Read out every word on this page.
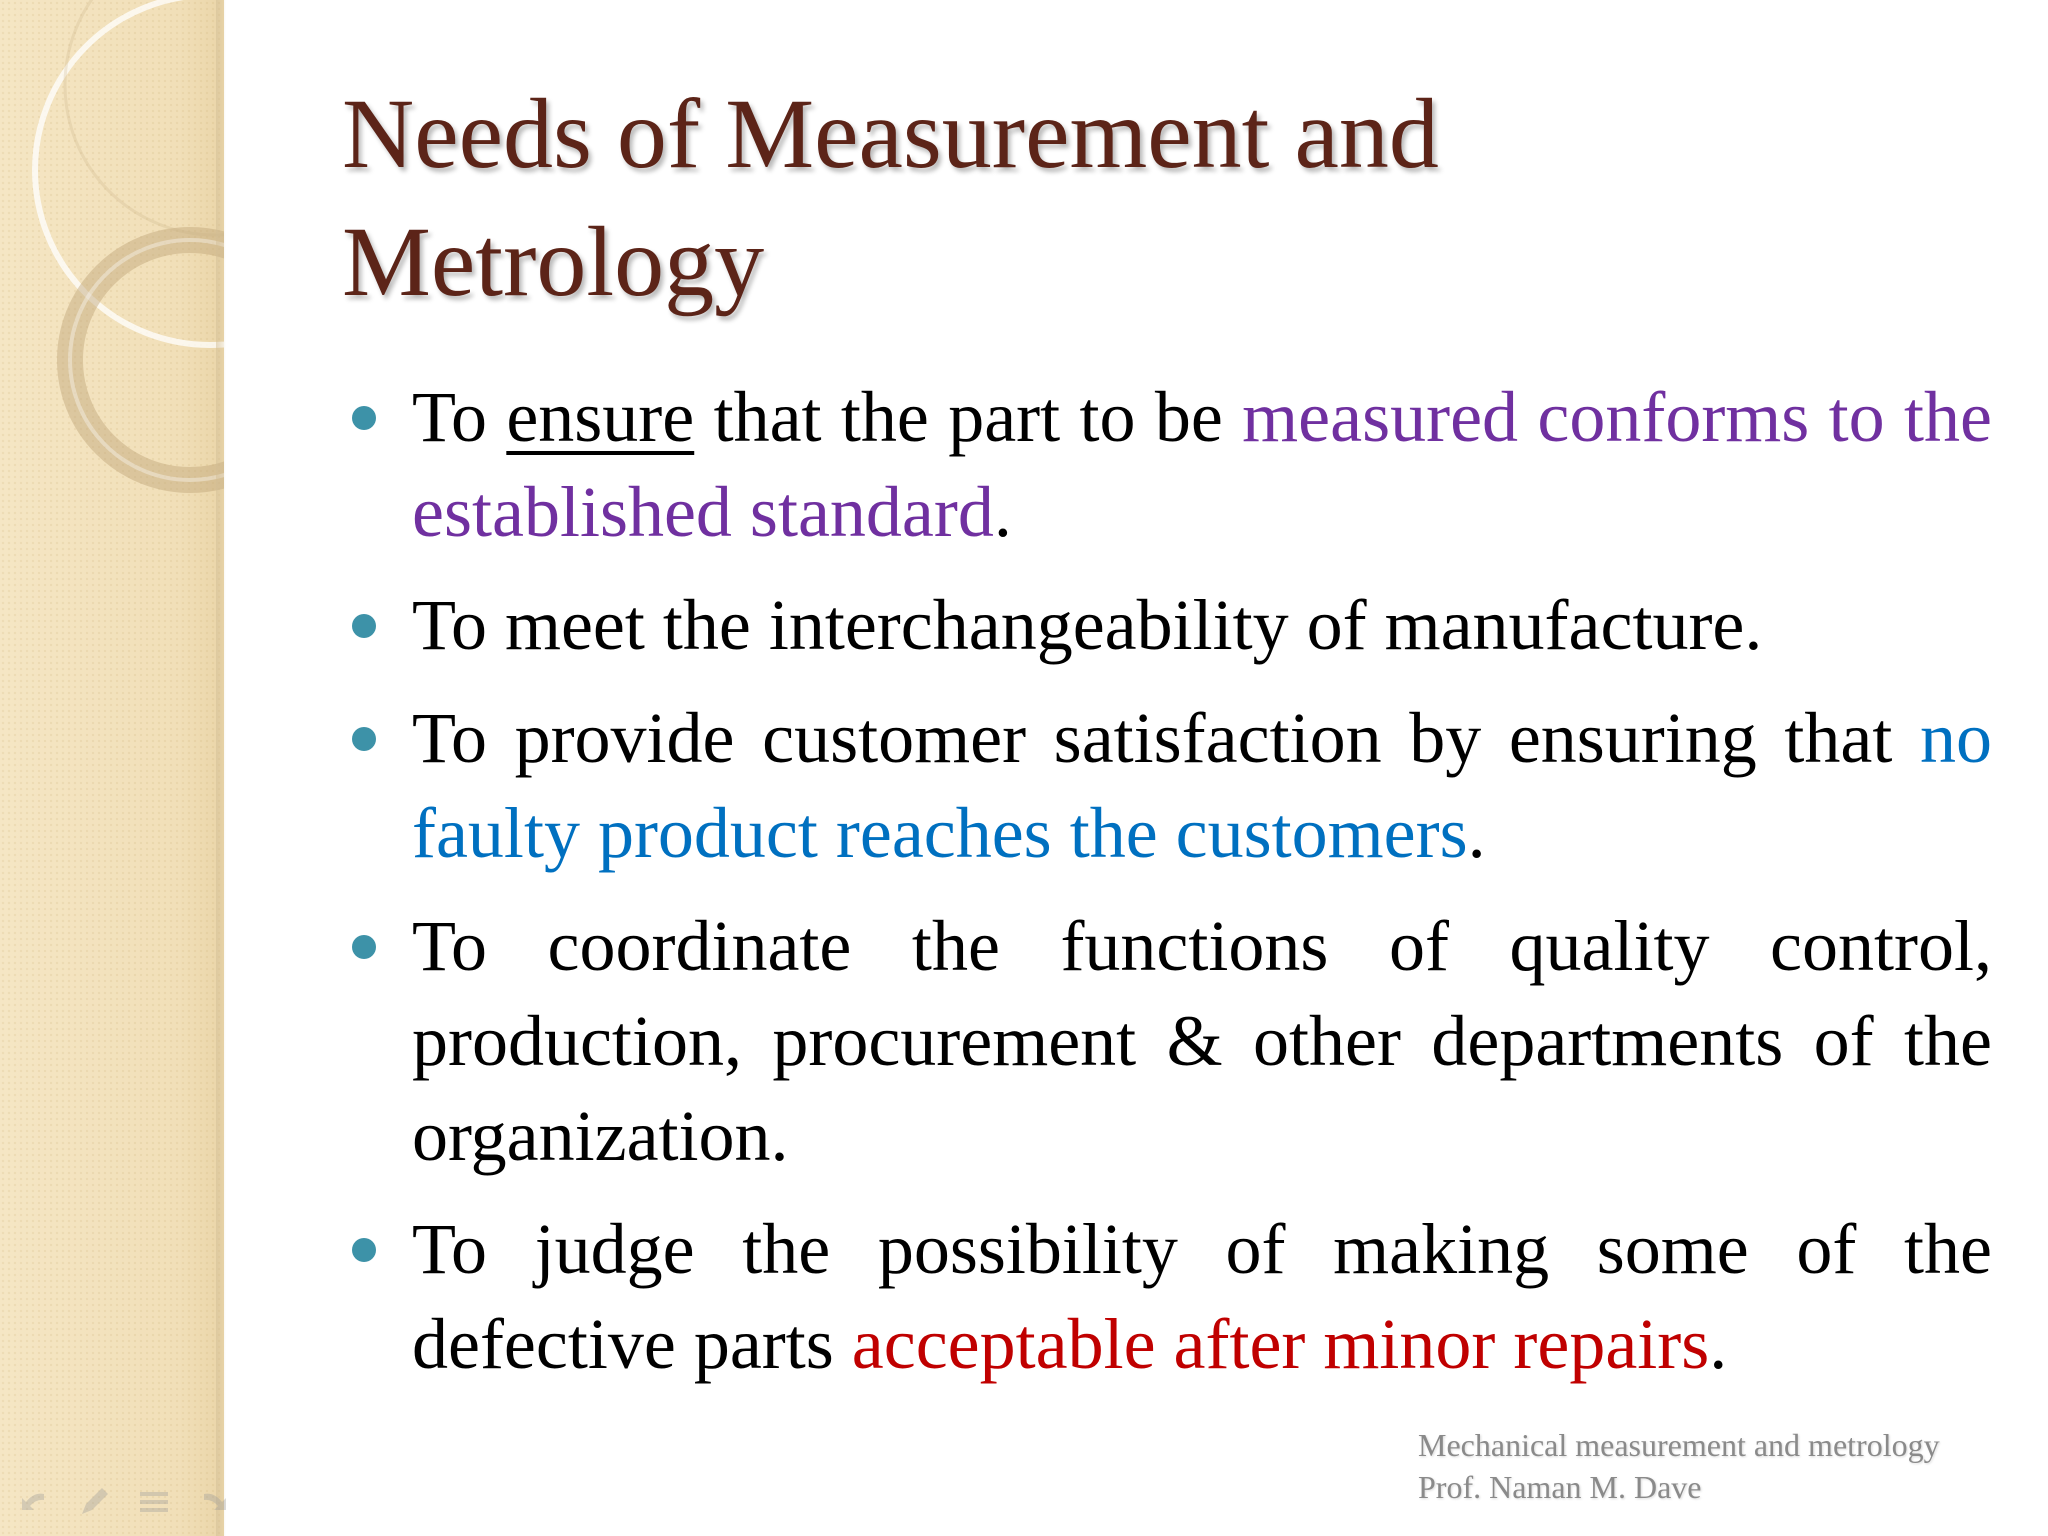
Needs of Measurement and
Metrology
To ensure that the part to be measured conforms to the established standard.
To meet the interchangeability of manufacture.
To provide customer satisfaction by ensuring that no faulty product reaches the customers.
To coordinate the functions of quality control, production, procurement & other departments of the organization.
To judge the possibility of making some of the defective parts acceptable after minor repairs.
Mechanical measurement and metrology
Prof. Naman M. Dave
